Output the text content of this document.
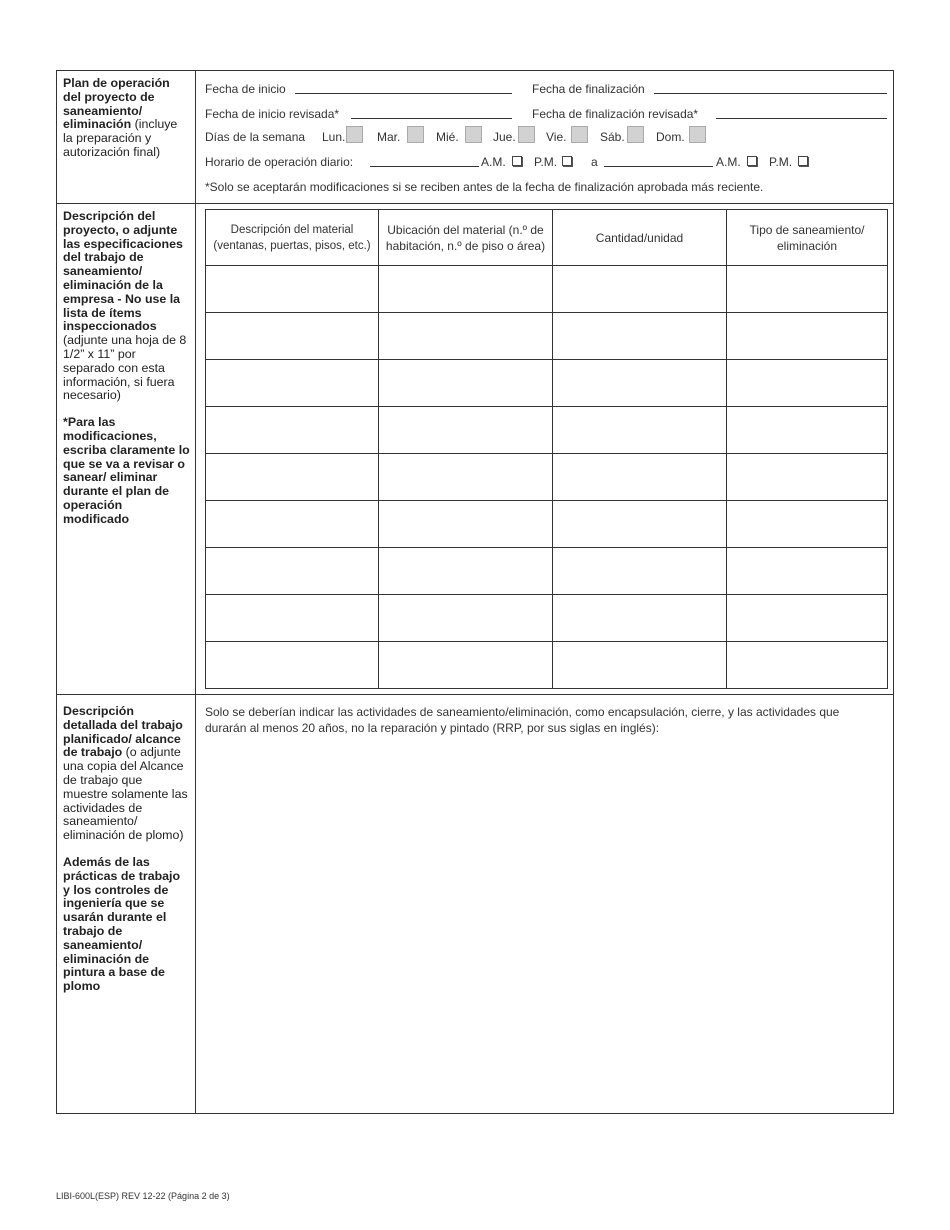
Plan de operación del proyecto de saneamiento/ eliminación (incluye la preparación y autorización final)
Fecha de inicio	Fecha de finalización
Fecha de inicio revisada*	Fecha de finalización revisada*
Días de la semana Lun.	Mar.	Mié.	Jue.	Vie.	Sáb.	Dom.
Horario de operación diario:	A.M. P.M.	a	A.M. P.M.
*Solo se aceptarán modificaciones si se reciben antes de la fecha de finalización aprobada más reciente.

Descripción del proyecto, o adjunte las especificaciones del trabajo de saneamiento/ eliminación de la empresa - No use la lista de ítems inspeccionados (adjunte una hoja de 8 1/2” x 11” por separado con esta información, si fuera necesario)

*Para las modificaciones, escriba claramente lo que se va a revisar o sanear/ eliminar durante el plan de operación modificado

Descripción del material (ventanas, puertas, pisos, etc.)	Ubicación del material (n.º de habitación, n.º de piso o área)	Cantidad/unidad	Tipo de saneamiento/ eliminación

Descripción detallada del trabajo planificado/ alcance de trabajo (o adjunte una copia del Alcance de trabajo que muestre solamente las actividades de saneamiento/ eliminación de plomo)

Además de las prácticas de trabajo y los controles de ingeniería que se usarán durante el trabajo de saneamiento/ eliminación de pintura a base de plomo

Solo se deberían indicar las actividades de saneamiento/eliminación, como encapsulación, cierre, y las actividades que durarán al menos 20 años, no la reparación y pintado (RRP, por sus siglas en inglés):
LIBI-600L(ESP) REV 12-22 (Página 2 de 3)
